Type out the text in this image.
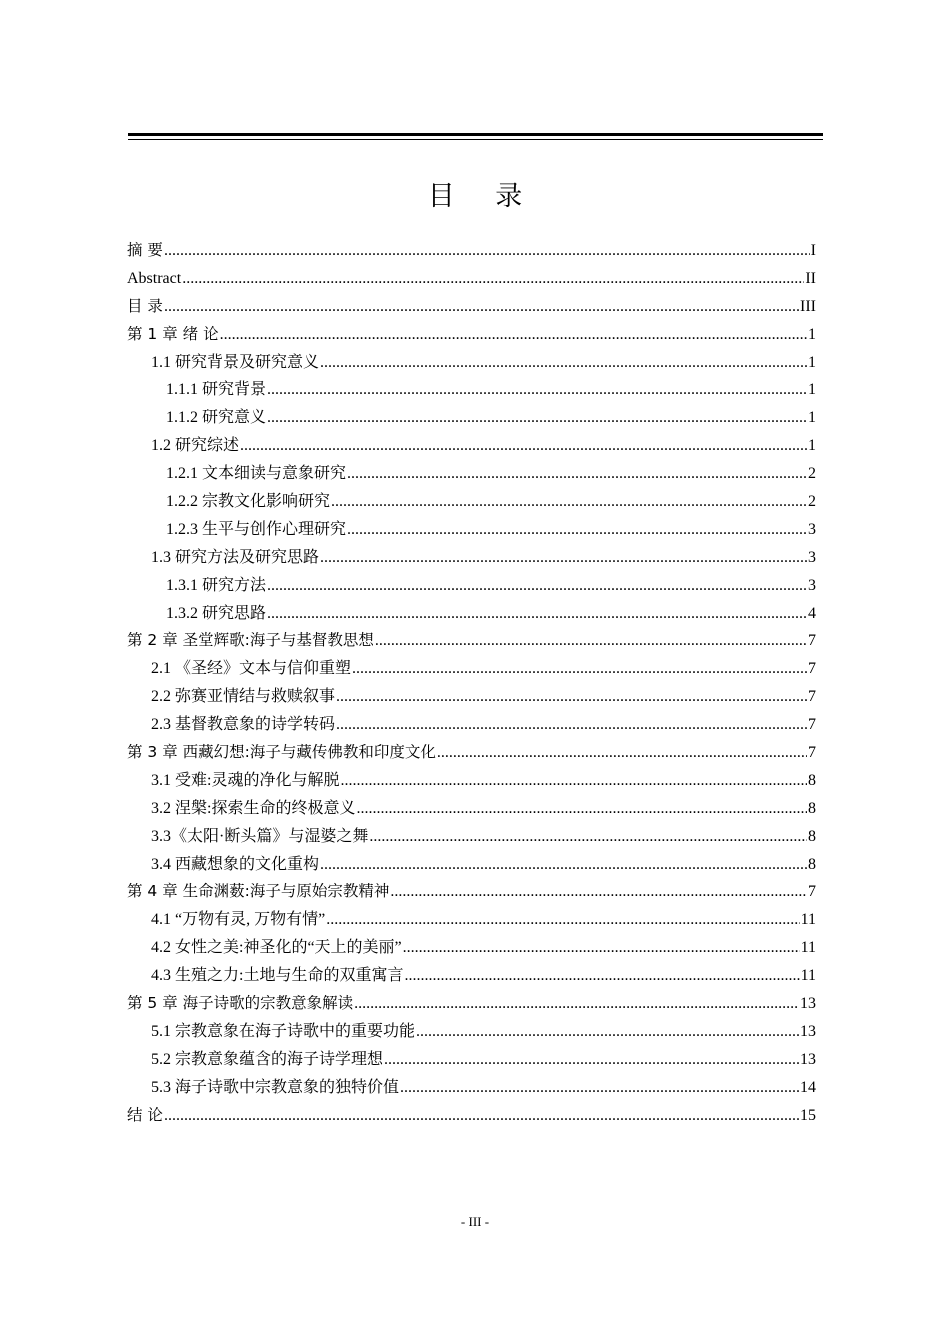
目 录
摘 要 .....	I
Abstract .....	II
目 录 .....	III
第 1 章 绪 论 .....	1
1.1 研究背景及研究意义 .....	1
1.1.1 研究背景 .....	1
1.1.2 研究意义 .....	1
1.2 研究综述 .....	1
1.2.1 文本细读与意象研究 .....	2
1.2.2 宗教文化影响研究 .....	2
1.2.3 生平与创作心理研究 .....	3
1.3 研究方法及研究思路 .....	3
1.3.1 研究方法 .....	3
1.3.2 研究思路 .....	4
第 2 章 圣堂辉歌:海子与基督教思想 .....	7
2.1 《圣经》文本与信仰重塑 .....	7
2.2 弥赛亚情结与救赎叙事 .....	7
2.3 基督教意象的诗学转码 .....	7
第 3 章 西藏幻想:海子与藏传佛教和印度文化 .....	7
3.1 受难:灵魂的净化与解脱 .....	8
3.2 涅槃:探索生命的终极意义 .....	8
3.3《太阳·断头篇》与湿婆之舞 .....	8
3.4 西藏想象的文化重构 .....	8
第 4 章 生命渊薮:海子与原始宗教精神 .....	7
4.1 “万物有灵, 万物有情” .....	11
4.2 女性之美:神圣化的“天上的美丽” .....	11
4.3 生殖之力:土地与生命的双重寓言 .....	11
第 5 章 海子诗歌的宗教意象解读 .....	13
5.1 宗教意象在海子诗歌中的重要功能 .....	13
5.2 宗教意象蕴含的海子诗学理想 .....	13
5.3 海子诗歌中宗教意象的独特价值 .....	14
结 论 .....	15
- III -
